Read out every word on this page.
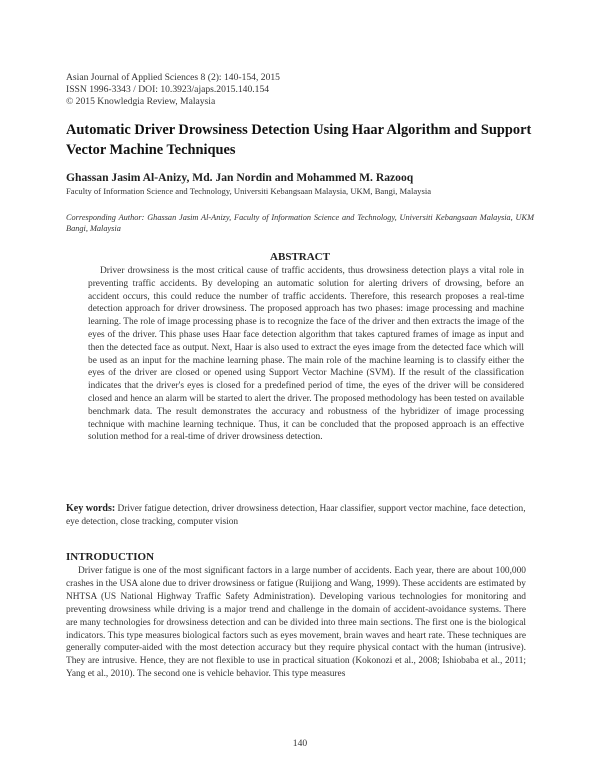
Asian Journal of Applied Sciences 8 (2): 140-154, 2015
ISSN 1996-3343 / DOI: 10.3923/ajaps.2015.140.154
© 2015 Knowledgia Review, Malaysia
Automatic Driver Drowsiness Detection Using Haar Algorithm and Support Vector Machine Techniques
Ghassan Jasim Al-Anizy, Md. Jan Nordin and Mohammed M. Razooq
Faculty of Information Science and Technology, Universiti Kebangsaan Malaysia, UKM, Bangi, Malaysia
Corresponding Author: Ghassan Jasim Al-Anizy, Faculty of Information Science and Technology, Universiti Kebangsaan Malaysia, UKM Bangi, Malaysia
ABSTRACT
Driver drowsiness is the most critical cause of traffic accidents, thus drowsiness detection plays a vital role in preventing traffic accidents. By developing an automatic solution for alerting drivers of drowsing, before an accident occurs, this could reduce the number of traffic accidents. Therefore, this research proposes a real-time detection approach for driver drowsiness. The proposed approach has two phases: image processing and machine learning. The role of image processing phase is to recognize the face of the driver and then extracts the image of the eyes of the driver. This phase uses Haar face detection algorithm that takes captured frames of image as input and then the detected face as output. Next, Haar is also used to extract the eyes image from the detected face which will be used as an input for the machine learning phase. The main role of the machine learning is to classify either the eyes of the driver are closed or opened using Support Vector Machine (SVM). If the result of the classification indicates that the driver's eyes is closed for a predefined period of time, the eyes of the driver will be considered closed and hence an alarm will be started to alert the driver. The proposed methodology has been tested on available benchmark data. The result demonstrates the accuracy and robustness of the hybridizer of image processing technique with machine learning technique. Thus, it can be concluded that the proposed approach is an effective solution method for a real-time of driver drowsiness detection.
Key words: Driver fatigue detection, driver drowsiness detection, Haar classifier, support vector machine, face detection, eye detection, close tracking, computer vision
INTRODUCTION
Driver fatigue is one of the most significant factors in a large number of accidents. Each year, there are about 100,000 crashes in the USA alone due to driver drowsiness or fatigue (Ruijiong and Wang, 1999). These accidents are estimated by NHTSA (US National Highway Traffic Safety Administration). Developing various technologies for monitoring and preventing drowsiness while driving is a major trend and challenge in the domain of accident-avoidance systems. There are many technologies for drowsiness detection and can be divided into three main sections. The first one is the biological indicators. This type measures biological factors such as eyes movement, brain waves and heart rate. These techniques are generally computer-aided with the most detection accuracy but they require physical contact with the human (intrusive). They are intrusive. Hence, they are not flexible to use in practical situation (Kokonozi et al., 2008; Ishiobaba et al., 2011; Yang et al., 2010). The second one is vehicle behavior. This type measures
140
